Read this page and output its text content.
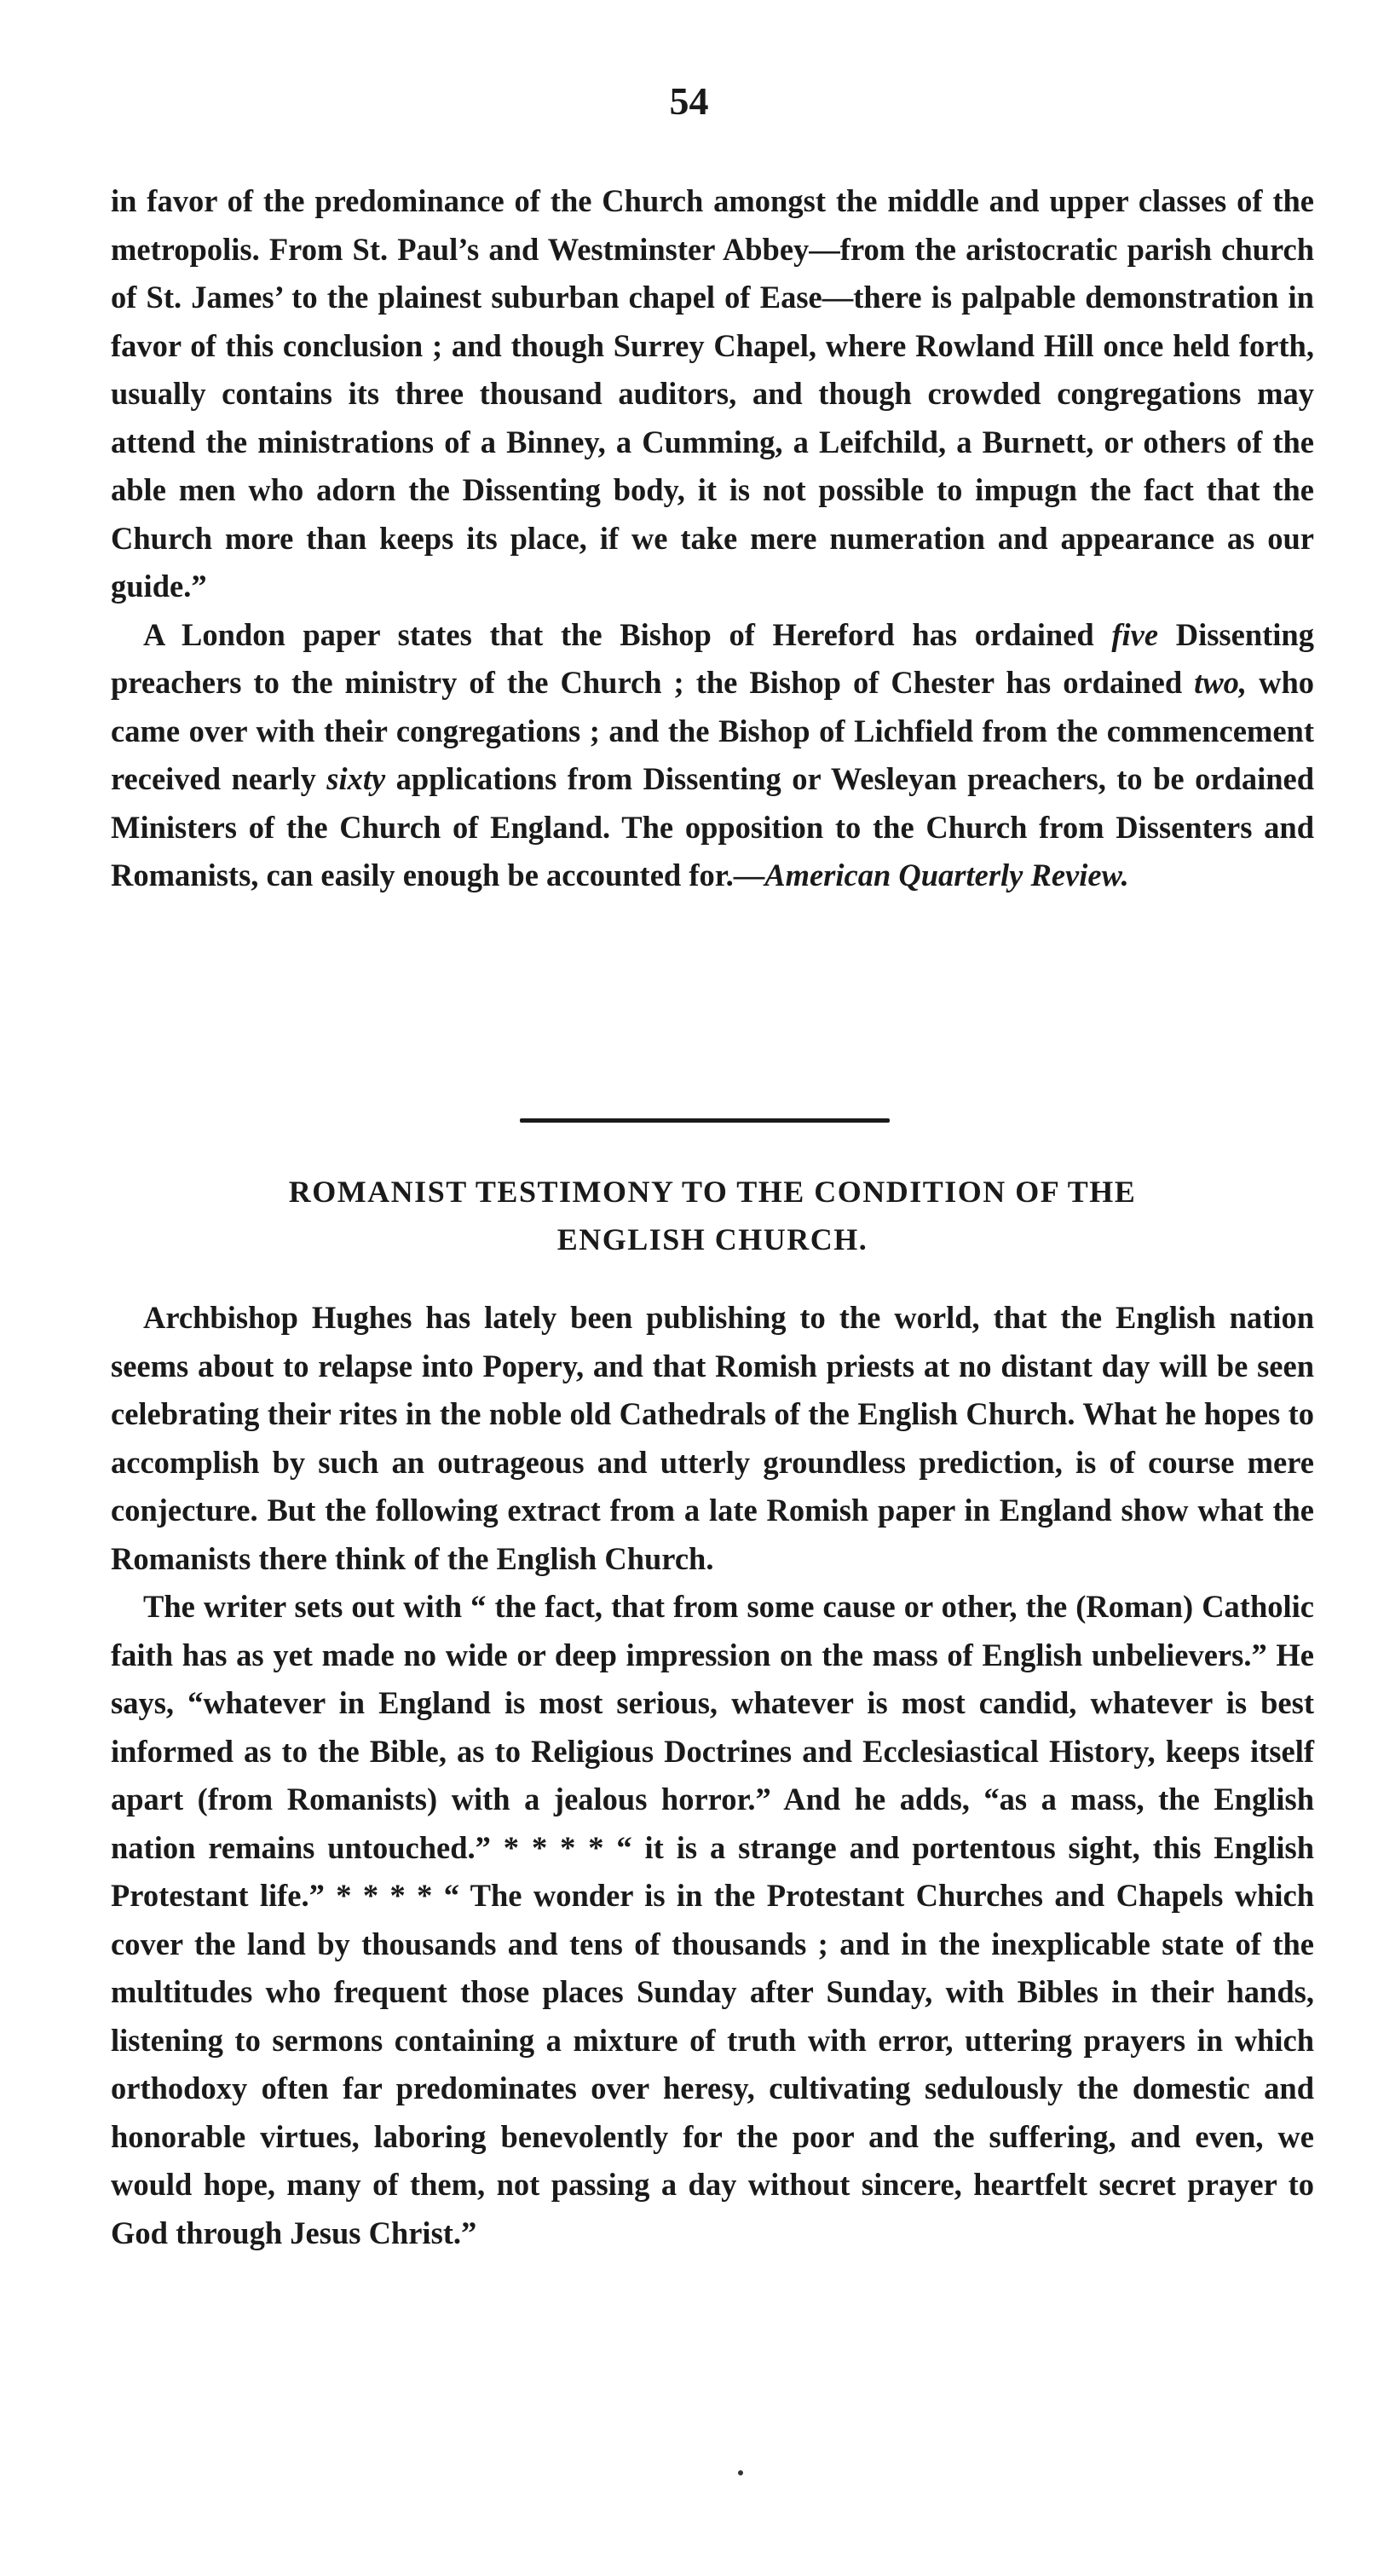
54

in favor of the predominance of the Church amongst the middle and upper classes of the metropolis. From St. Paul’s and Westminster Abbey—from the aristocratic parish church of St. James’ to the plainest suburban chapel of Ease—there is palpable demonstration in favor of this conclusion ; and though Surrey Chapel, where Rowland Hill once held forth, usually contains its three thousand auditors, and though crowded congregations may attend the ministrations of a Binney, a Cumming, a Leifchild, a Burnett, or others of the able men who adorn the Dissenting body, it is not possible to impugn the fact that the Church more than keeps its place, if we take mere numeration and appearance as our guide.”

A London paper states that the Bishop of Hereford has ordained five Dissenting preachers to the ministry of the Church ; the Bishop of Chester has ordained two, who came over with their congregations ; and the Bishop of Lichfield from the commencement received nearly sixty applications from Dissenting or Wesleyan preachers, to be ordained Ministers of the Church of England. The opposition to the Church from Dissenters and Romanists, can easily enough be accounted for.—American Quarterly Review.

ROMANIST TESTIMONY TO THE CONDITION OF THE
ENGLISH CHURCH.

Archbishop Hughes has lately been publishing to the world, that the English nation seems about to relapse into Popery, and that Romish priests at no distant day will be seen celebrating their rites in the noble old Cathedrals of the English Church. What he hopes to accomplish by such an outrageous and utterly groundless prediction, is of course mere conjecture. But the following extract from a late Romish paper in England show what the Romanists there think of the English Church.

The writer sets out with “ the fact, that from some cause or other, the (Roman) Catholic faith has as yet made no wide or deep impression on the mass of English unbelievers.” He says, “whatever in England is most serious, whatever is most candid, whatever is best informed as to the Bible, as to Religious Doctrines and Ecclesiastical History, keeps itself apart (from Romanists) with a jealous horror.” And he adds, “as a mass, the English nation remains untouched.” * * * * “ it is a strange and portentous sight, this English Protestant life.” * * * * “ The wonder is in the Protestant Churches and Chapels which cover the land by thousands and tens of thousands ; and in the inexplicable state of the multitudes who frequent those places Sunday after Sunday, with Bibles in their hands, listening to sermons containing a mixture of truth with error, uttering prayers in which orthodoxy often far predominates over heresy, cultivating sedulously the domestic and honorable virtues, laboring benevolently for the poor and the suffering, and even, we would hope, many of them, not passing a day without sincere, heartfelt secret prayer to God through Jesus Christ.”
